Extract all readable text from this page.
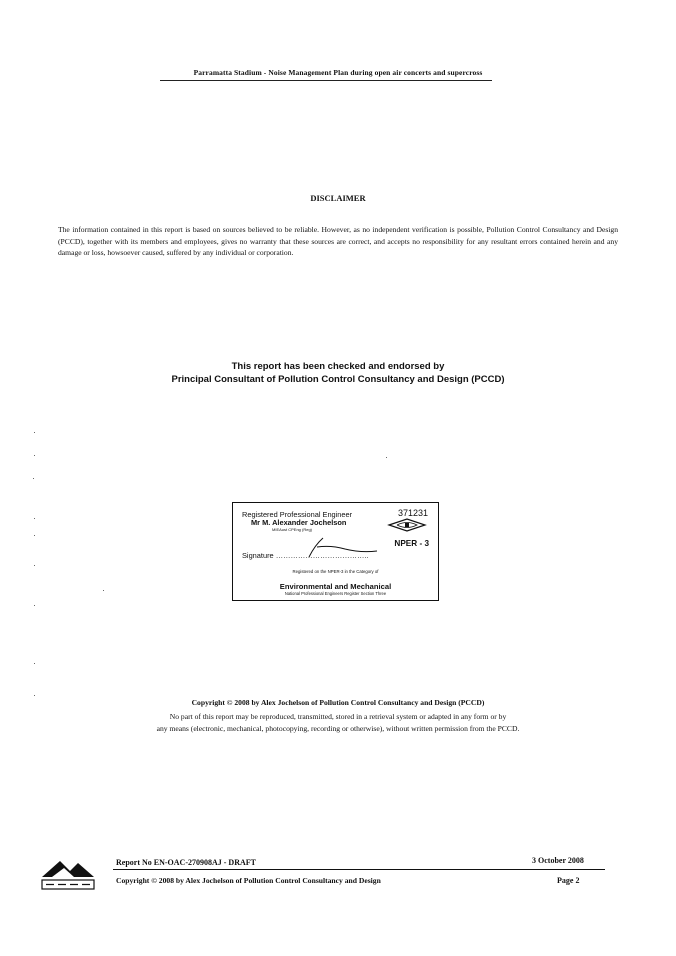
Parramatta Stadium - Noise Management Plan during open air concerts and supercross
DISCLAIMER
The information contained in this report is based on sources believed to be reliable. However, as no independent verification is possible, Pollution Control Consultancy and Design (PCCD), together with its members and employees, gives no warranty that these sources are correct, and accepts no responsibility for any resultant errors contained herein and any damage or loss, howsoever caused, suffered by any individual or corporation.
This report has been checked and endorsed by
Principal Consultant of Pollution Control Consultancy and Design (PCCD)
Registered Professional Engineer	371231
Mr M. Alexander Jochelson
MIEAust CPEng (Reg)
NPER - 3
Signature ………………………………..
Registered on the NPER-3 in the Category of
Environmental and Mechanical
National Professional Engineers Register Section Three
Copyright © 2008 by Alex Jochelson of Pollution Control Consultancy and Design (PCCD)
No part of this report may be reproduced, transmitted, stored in a retrieval system or adapted in any form or by
any means (electronic, mechanical, photocopying, recording or otherwise), without written permission from the PCCD.
Report No EN-OAC-270908AJ - DRAFT	3 October 2008
Copyright © 2008 by Alex Jochelson of Pollution Control Consultancy and Design	Page 2
